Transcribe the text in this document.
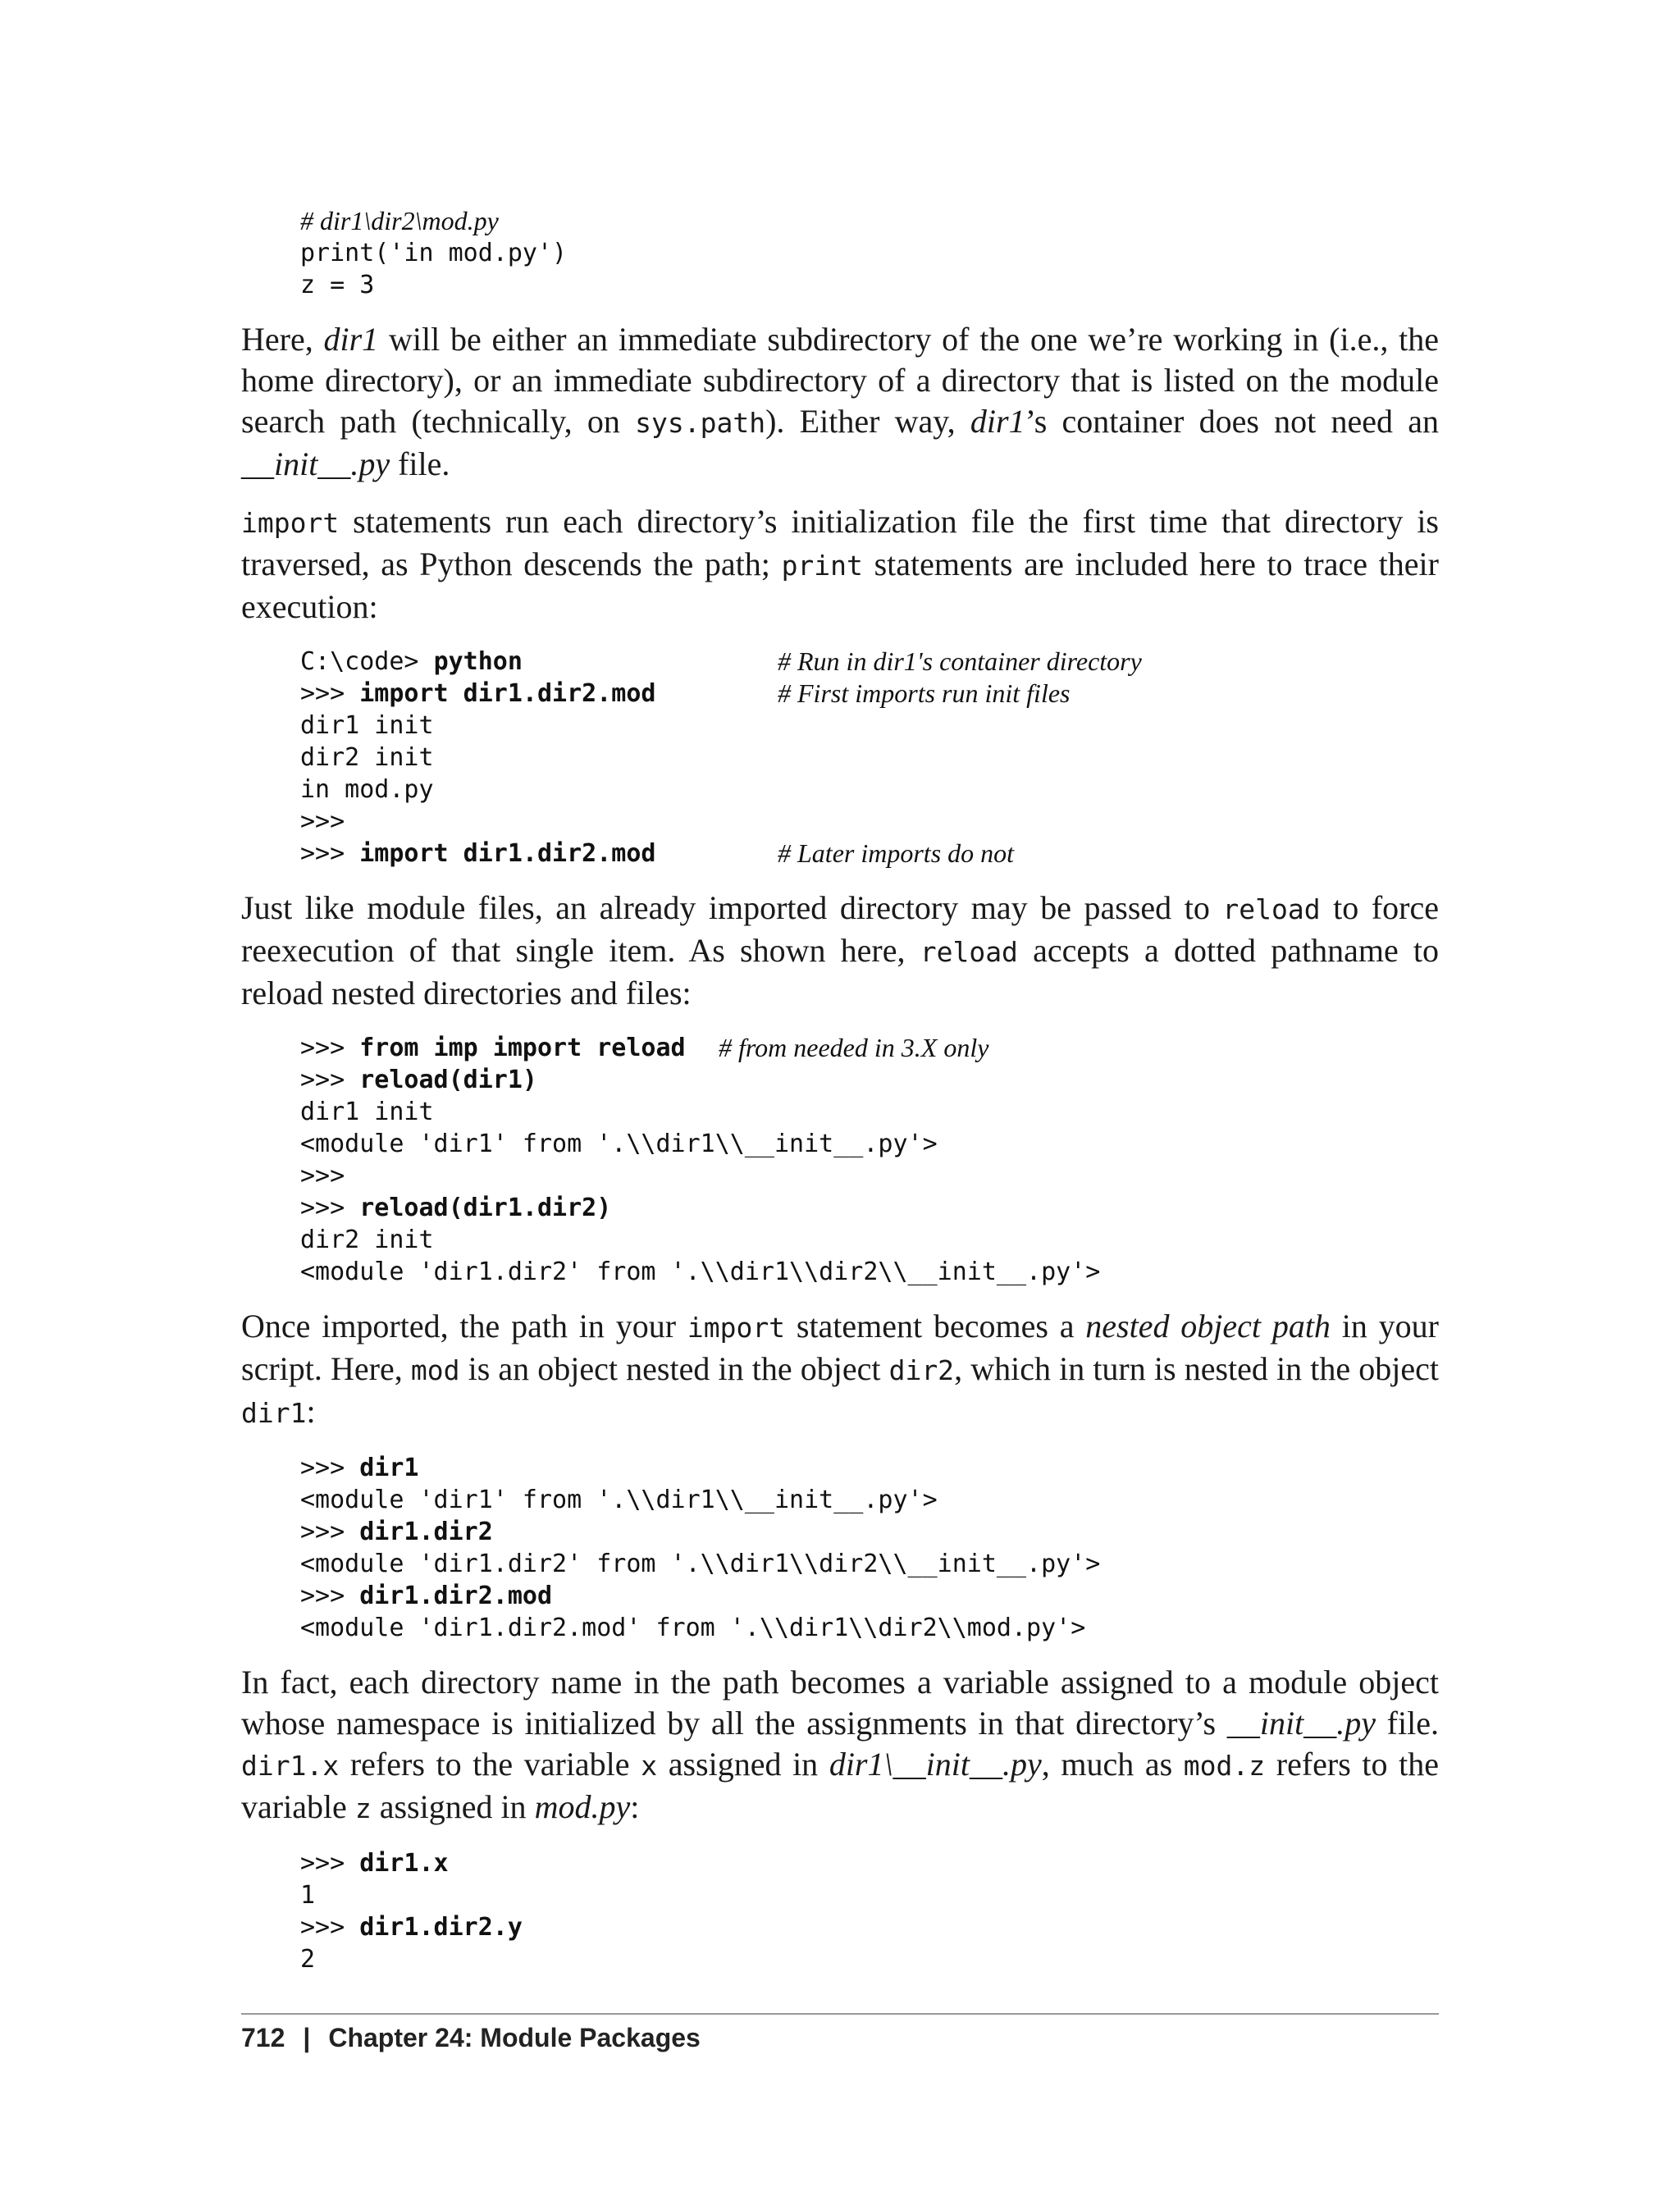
# dir1\dir2\mod.py
print('in mod.py')
z = 3

Here, dir1 will be either an immediate subdirectory of the one we’re working in (i.e., the home directory), or an immediate subdirectory of a directory that is listed on the module search path (technically, on sys.path). Either way, dir1’s container does not need an __init__.py file.

import statements run each directory’s initialization file the first time that directory is traversed, as Python descends the path; print statements are included here to trace their execution:

C:\code> python	# Run in dir1's container directory
>>> import dir1.dir2.mod	# First imports run init files
dir1 init
dir2 init
in mod.py
>>>
>>> import dir1.dir2.mod	# Later imports do not

Just like module files, an already imported directory may be passed to reload to force reexecution of that single item. As shown here, reload accepts a dotted pathname to reload nested directories and files:

>>> from imp import reload # from needed in 3.X only
>>> reload(dir1)
dir1 init
<module 'dir1' from '.\\dir1\\__init__.py'>
>>>
>>> reload(dir1.dir2)
dir2 init
<module 'dir1.dir2' from '.\\dir1\\dir2\\__init__.py'>

Once imported, the path in your import statement becomes a nested object path in your script. Here, mod is an object nested in the object dir2, which in turn is nested in the object dir1:

>>> dir1
<module 'dir1' from '.\\dir1\\__init__.py'>
>>> dir1.dir2
<module 'dir1.dir2' from '.\\dir1\\dir2\\__init__.py'>
>>> dir1.dir2.mod
<module 'dir1.dir2.mod' from '.\\dir1\\dir2\\mod.py'>

In fact, each directory name in the path becomes a variable assigned to a module object whose namespace is initialized by all the assignments in that directory’s __init__.py file. dir1.x refers to the variable x assigned in dir1\__init__.py, much as mod.z refers to the variable z assigned in mod.py:

>>> dir1.x
1
>>> dir1.dir2.y
2
712 | Chapter 24: Module Packages
